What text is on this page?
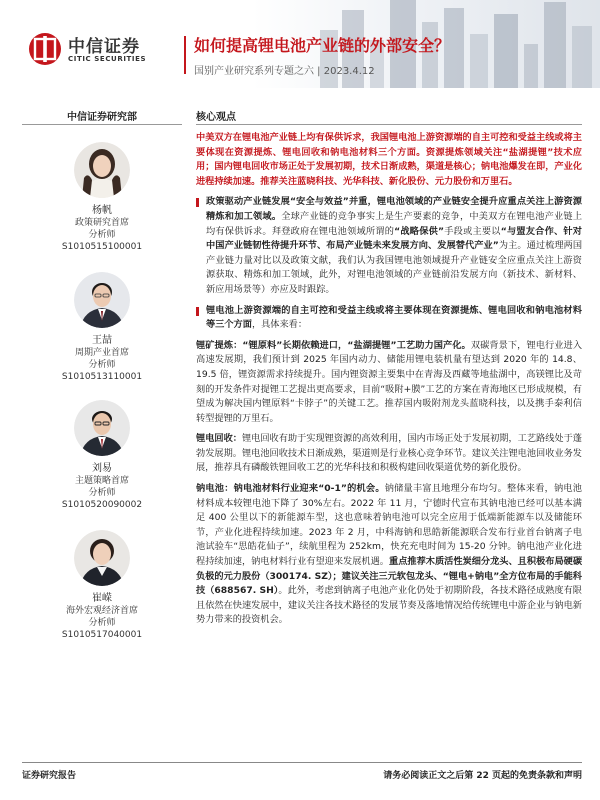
中信证券
CITIC SECURITIES
如何提高锂电池产业链的外部安全？
国别产业研究系列专题之六 | 2023.4.12
中信证券研究部	核心观点
杨帆
政策研究首席
分析师
S1010515100001
王喆
周期产业首席
分析师
S1010513110001
刘易
主题策略首席
分析师
S1010520090002
崔嵘
海外宏观经济首席
分析师
S1010517040001

中美双方在锂电池产业链上均有保供诉求，我国锂电池上游资源端的自主可控和受益主线或将主要体现在资源提炼、锂电回收和钠电池材料三个方面。资源提炼领域关注“盐湖提锂”技术应用；国内锂电回收市场正处于发展初期，技术日渐成熟，渠道是核心；钠电池爆发在即，产业化进程持续加速。推荐关注蓝晓科技、光华科技、新化股份、元力股份和万里石。

政策驱动产业链发展“安全与效益”并重，锂电池领域的产业链安全提升应重点关注上游资源精炼和加工领域。全球产业链的竞争事实上是生产要素的竞争，中美双方在锂电池产业链上均有保供诉求。拜登政府在锂电池领域所谓的“战略保供”手段或主要以“与盟友合作、针对中国产业链韧性待提升环节、布局产业链未来发展方向、发展替代产业”为主。通过梳理两国产业链力量对比以及政策文献，我们认为我国锂电池领域提升产业链安全应重点关注上游资源获取、精炼和加工领域，此外，对锂电池领域的产业链前沿发展方向（新技术、新材料、新应用场景等）亦应及时跟踪。

锂电池上游资源端的自主可控和受益主线或将主要体现在资源提炼、锂电回收和钠电池材料等三个方面，具体来看：

锂矿提炼：“锂原料”长期依赖进口，“盐湖提锂”工艺助力国产化。双碳背景下，锂电行业进入高速发展期，我们预计到 2025 年国内动力、储能用锂电装机量有望达到 2020 年的 14.8、19.5 倍，锂资源需求持续提升。国内锂资源主要集中在青海及西藏等地盐湖中，高镁锂比及苛刻的开发条件对提锂工艺提出更高要求，目前“吸附+膜”工艺的方案在青海地区已形成规模，有望成为解决国内锂原料“卡脖子”的关键工艺。推荐国内吸附剂龙头蓝晓科技，以及携手泰利信转型提锂的万里石。

锂电回收：锂电回收有助于实现锂资源的高效利用，国内市场正处于发展初期，工艺路线处于蓬勃发展期。锂电池回收技术日渐成熟，渠道则是行业核心竞争环节。建议关注锂电池回收业务发展，推荐具有磷酸铁锂回收工艺的光华科技和积极构建回收渠道优势的新化股份。

钠电池：钠电池材料行业迎来“0-1”的机会。钠储量丰富且地理分布均匀。整体来看，钠电池材料成本较锂电池下降了 30%左右。2022 年 11 月，宁德时代宣布其钠电池已经可以基本满足 400 公里以下的新能源车型，这也意味着钠电池可以完全应用于低端新能源车以及储能环节，产业化进程持续加速。2023 年 2 月，中科海钠和思皓新能源联合发布行业首台钠离子电池试验车“思皓花仙子”，续航里程为 252km，快充充电时间为 15-20 分钟。钠电池产业化进程持续加速，钠电材料行业有望迎来发展机遇。重点推荐木质活性炭细分龙头、且积极布局硬碳负极的元力股份（300174. SZ）；建议关注三元软包龙头、“锂电+钠电”全方位布局的手能科技（688567. SH）。此外，考虑到钠离子电池产业化仍处于初期阶段，各技术路径成熟度有限且依然在快速发展中，建议关注各技术路径的发展节奏及落地情况给传统锂电中游企业与钠电新势力带来的投资机会。

证券研究报告	请务必阅读正文之后第 22 页起的免责条款和声明
